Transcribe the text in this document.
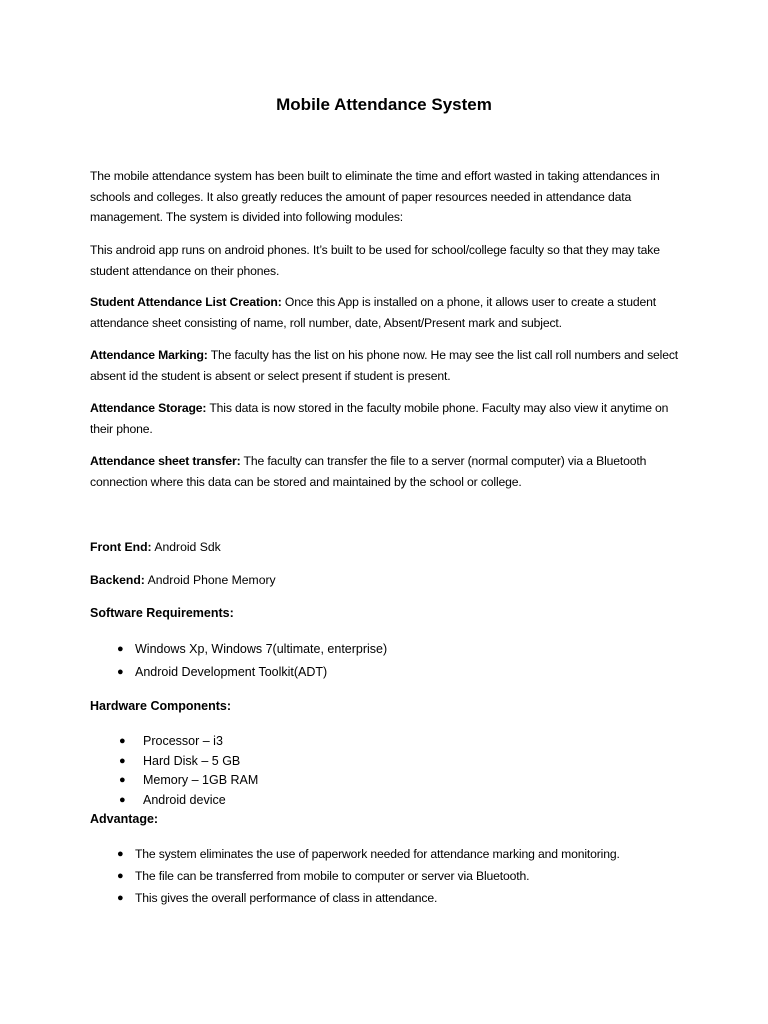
Mobile Attendance System

The mobile attendance system has been built to eliminate the time and effort wasted in taking attendances in schools and colleges. It also greatly reduces the amount of paper resources needed in attendance data management. The system is divided into following modules:

This android app runs on android phones. It’s built to be used for school/college faculty so that they may take student attendance on their phones.

Student Attendance List Creation: Once this App is installed on a phone, it allows user to create a student attendance sheet consisting of name, roll number, date, Absent/Present mark and subject.

Attendance Marking: The faculty has the list on his phone now. He may see the list call roll numbers and select absent id the student is absent or select present if student is present.

Attendance Storage: This data is now stored in the faculty mobile phone. Faculty may also view it anytime on their phone.

Attendance sheet transfer: The faculty can transfer the file to a server (normal computer) via a Bluetooth connection where this data can be stored and maintained by the school or college.

Front End: Android Sdk

Backend: Android Phone Memory

Software Requirements:

● Windows Xp, Windows 7(ultimate, enterprise)
● Android Development Toolkit(ADT)

Hardware Components:

● Processor – i3
● Hard Disk – 5 GB
● Memory – 1GB RAM
● Android device

Advantage:

● The system eliminates the use of paperwork needed for attendance marking and monitoring.
● The file can be transferred from mobile to computer or server via Bluetooth.
● This gives the overall performance of class in attendance.
